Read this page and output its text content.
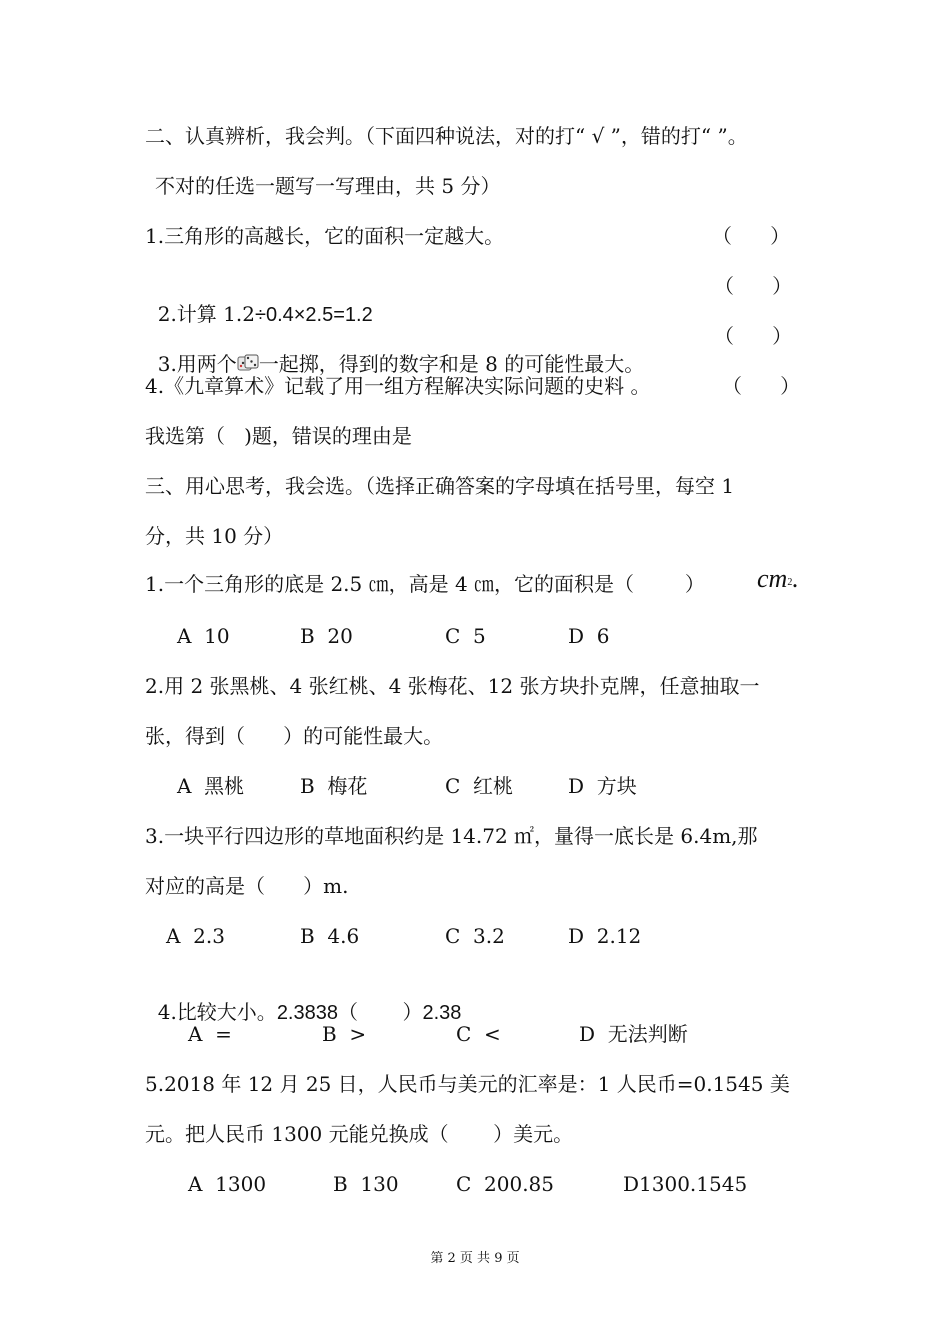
二、认真辨析，我会判。（下面四种说法，对的打“ √ ”，错的打“ ”。
不对的任选一题写一写理由，共 5 分）
1.三角形的高越长，它的面积一定越大。	（      ）

2.计算 1.2÷0.4×2.5=1.2

（      ）

3.用两个 一起掷，得到的数字和是 8 的可能性最大。

（      ）
4.《九章算术》记载了用一组方程解决实际问题的史料 。	（      ）
我选第（   )题，错误的理由是
三、用心思考，我会选。（选择正确答案的字母填在括号里，每空 1
分，共 10 分）
1.一个三角形的底是 2.5 ㎝，高是 4 ㎝，它的面积是（        ） $cm^2$.
A  10	B  20	C  5	D  6
2.用 2 张黑桃、4 张红桃、4 张梅花、12 张方块扑克牌，任意抽取一
张，得到（      ）的可能性最大。
A  黑桃	B  梅花	C  红桃	D  方块
3.一块平行四边形的草地面积约是 14.72 ㎡，量得一底长是 6.4m,那
对应的高是（      ）m.
A  2.3	B  4.6	C  3.2	D  2.12

4.比较大小。2.3838（       ）2.38

A  =	B  >	C  <	D  无法判断
5.2018 年 12 月 25 日，人民币与美元的汇率是：1 人民币=0.1545 美
元。把人民币 1300 元能兑换成（       ）美元。
A  1300	B  130	C  200.85	D1300.1545
第 2 页 共 9 页
